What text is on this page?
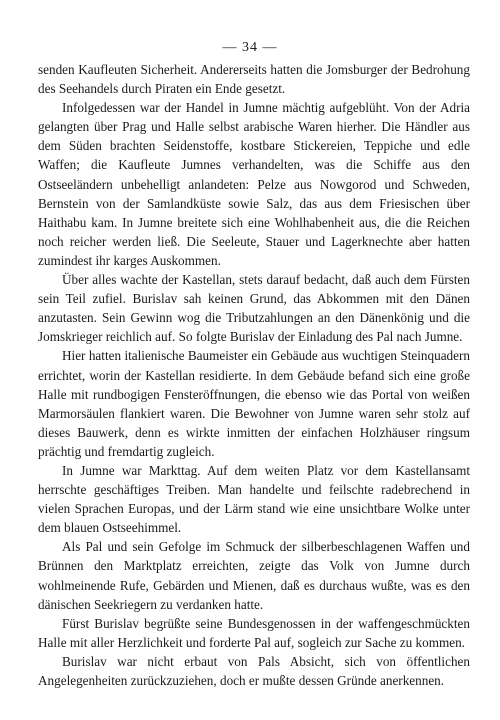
— 34 —

senden Kaufleuten Sicherheit. Andererseits hatten die Jomsburger der Bedrohung des Seehandels durch Piraten ein Ende gesetzt.

Infolgedessen war der Handel in Jumne mächtig aufgeblüht. Von der Adria gelangten über Prag und Halle selbst arabische Waren hierher. Die Händler aus dem Süden brachten Seidenstoffe, kostbare Stickereien, Teppiche und edle Waffen; die Kaufleute Jumnes verhandelten, was die Schiffe aus den Ostseeländern unbehelligt anlandeten: Pelze aus Nowgorod und Schweden, Bernstein von der Samlandküste sowie Salz, das aus dem Friesischen über Haithabu kam. In Jumne breitete sich eine Wohlhabenheit aus, die die Reichen noch reicher werden ließ. Die Seeleute, Stauer und Lagerknechte aber hatten zumindest ihr karges Auskommen.

Über alles wachte der Kastellan, stets darauf bedacht, daß auch dem Fürsten sein Teil zufiel. Burislav sah keinen Grund, das Abkommen mit den Dänen anzutasten. Sein Gewinn wog die Tributzahlungen an den Dänenkönig und die Jomskrieger reichlich auf. So folgte Burislav der Einladung des Pal nach Jumne.

Hier hatten italienische Baumeister ein Gebäude aus wuchtigen Steinquadern errichtet, worin der Kastellan residierte. In dem Gebäude befand sich eine große Halle mit rundbogigen Fensteröffnungen, die ebenso wie das Portal von weißen Marmorsäulen flankiert waren. Die Bewohner von Jumne waren sehr stolz auf dieses Bauwerk, denn es wirkte inmitten der einfachen Holzhäuser ringsum prächtig und fremdartig zugleich.

In Jumne war Markttag. Auf dem weiten Platz vor dem Kastellansamt herrschte geschäftiges Treiben. Man handelte und feilschte radebrechend in vielen Sprachen Europas, und der Lärm stand wie eine unsichtbare Wolke unter dem blauen Ostseehimmel.

Als Pal und sein Gefolge im Schmuck der silberbeschlagenen Waffen und Brünnen den Marktplatz erreichten, zeigte das Volk von Jumne durch wohlmeinende Rufe, Gebärden und Mienen, daß es durchaus wußte, was es den dänischen Seekriegern zu verdanken hatte.

Fürst Burislav begrüßte seine Bundesgenossen in der waffengeschmückten Halle mit aller Herzlichkeit und forderte Pal auf, sogleich zur Sache zu kommen.

Burislav war nicht erbaut von Pals Absicht, sich von öffentlichen Angelegenheiten zurückzuziehen, doch er mußte dessen Gründe anerkennen.
